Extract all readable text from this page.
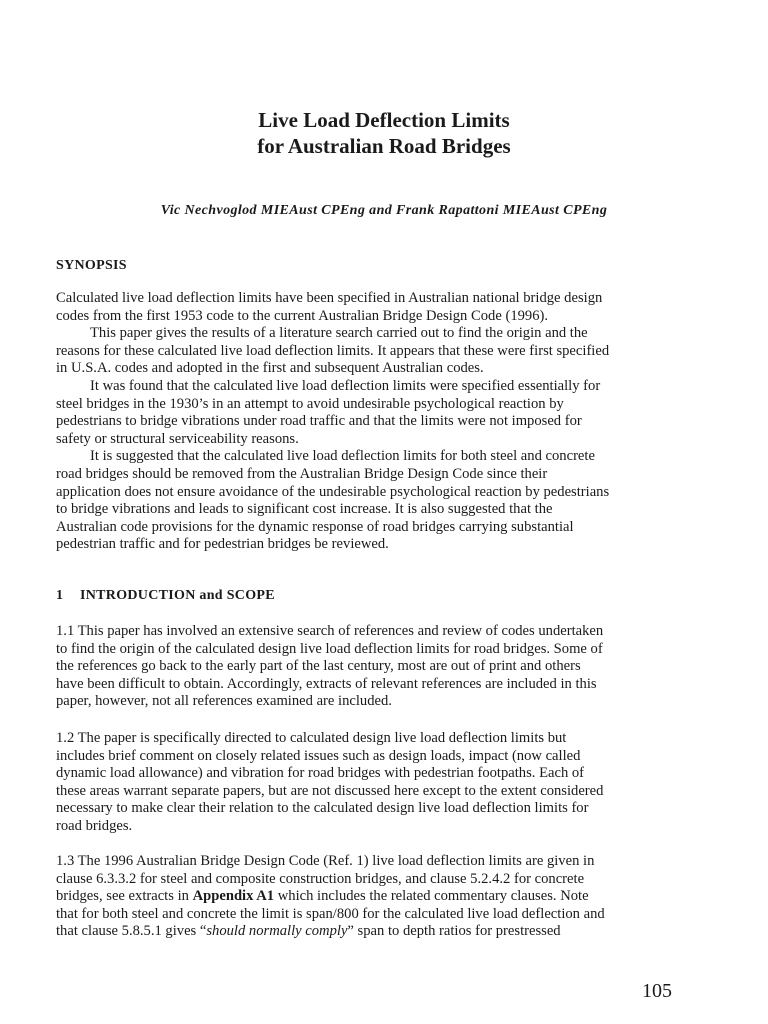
Live Load Deflection Limits
for Australian Road Bridges

Vic Nechvoglod MIEAust CPEng and Frank Rapattoni MIEAust CPEng

SYNOPSIS
Calculated live load deflection limits have been specified in Australian national bridge design
codes from the first 1953 code to the current Australian Bridge Design Code (1996).
This paper gives the results of a literature search carried out to find the origin and the
reasons for these calculated live load deflection limits. It appears that these were first specified
in U.S.A. codes and adopted in the first and subsequent Australian codes.
It was found that the calculated live load deflection limits were specified essentially for
steel bridges in the 1930’s in an attempt to avoid undesirable psychological reaction by
pedestrians to bridge vibrations under road traffic and that the limits were not imposed for
safety or structural serviceability reasons.
It is suggested that the calculated live load deflection limits for both steel and concrete
road bridges should be removed from the Australian Bridge Design Code since their
application does not ensure avoidance of the undesirable psychological reaction by pedestrians
to bridge vibrations and leads to significant cost increase. It is also suggested that the
Australian code provisions for the dynamic response of road bridges carrying substantial
pedestrian traffic and for pedestrian bridges be reviewed.
1 INTRODUCTION and SCOPE
1.1 This paper has involved an extensive search of references and review of codes undertaken
to find the origin of the calculated design live load deflection limits for road bridges. Some of
the references go back to the early part of the last century, most are out of print and others
have been difficult to obtain. Accordingly, extracts of relevant references are included in this
paper, however, not all references examined are included.
1.2 The paper is specifically directed to calculated design live load deflection limits but
includes brief comment on closely related issues such as design loads, impact (now called
dynamic load allowance) and vibration for road bridges with pedestrian footpaths. Each of
these areas warrant separate papers, but are not discussed here except to the extent considered
necessary to make clear their relation to the calculated design live load deflection limits for
road bridges.
1.3 The 1996 Australian Bridge Design Code (Ref. 1) live load deflection limits are given in
clause 6.3.3.2 for steel and composite construction bridges, and clause 5.2.4.2 for concrete
bridges, see extracts in Appendix A1 which includes the related commentary clauses. Note
that for both steel and concrete the limit is span/800 for the calculated live load deflection and
that clause 5.8.5.1 gives “should normally comply” span to depth ratios for prestressed

105
